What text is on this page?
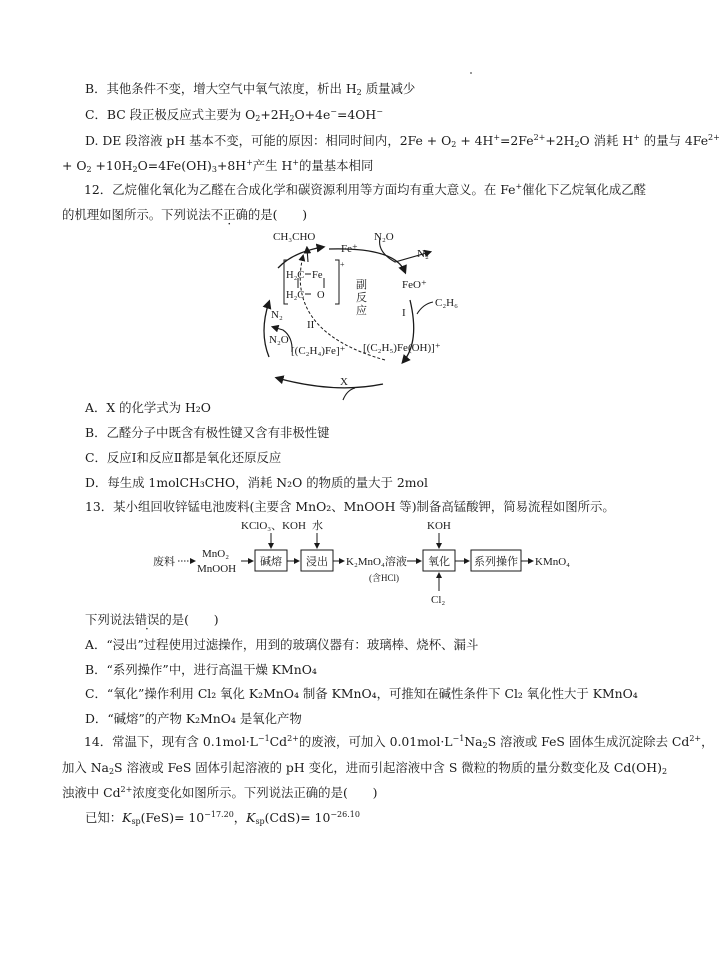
B．其他条件不变，增大空气中氧气浓度，析出 $H_2$ 质量减少
C．BC 段正极反应式主要为 $O_2+2H_2O+4e^-=4OH^-$
D. DE 段溶液 pH 基本不变，可能的原因：相同时间内，$2Fe + O_2 + 4H^+=2Fe^{2+}+2H_2O$ 消耗 H+ 的量与 $4Fe^{2+}$
+ $O_2 +10H_2O=4Fe(OH)_3+8H^+$产生 H+的量基本相同
12．乙烷催化氧化为乙醛在合成化学和碳资源利用等方面均有重大意义。在 Fe+催化下乙烷氧化成乙醛
的机理如图所示。下列说法不正确的是(　　)
CH₃CHO
Fe⁺
N₂O
N₂
FeO⁺
I
C₂H₆
[(C₂H₅)Fe(OH)]⁺
[(C₂H₄)Fe]⁺
X
II
N₂O
N₂
副
反
应
H₂C Fe
H₂C O
+
A．X 的化学式为 H₂O
B．乙醛分子中既含有极性键又含有非极性键
C．反应Ⅰ和反应Ⅱ都是氧化还原反应
D．每生成 1molCH₃CHO，消耗 N₂O 的物质的量大于 2mol
13．某小组回收锌锰电池废料(主要含 MnO₂、MnOOH 等)制备高锰酸钾，简易流程如图所示。
废料
MnO₂
MnOOH
碱熔
KClO₃、KOH
浸出
水
K₂MnO₄溶液
(含HCl)
氧化
KOH
Cl₂
系列操作 KMnO₄
下列说法错误的是(　　)
A．“浸出”过程使用过滤操作，用到的玻璃仪器有：玻璃棒、烧杯、漏斗
B．“系列操作”中，进行高温干燥 KMnO₄
C．“氧化”操作利用 Cl₂ 氧化 K₂MnO₄ 制备 KMnO₄，可推知在碱性条件下 Cl₂ 氧化性大于 KMnO₄
D．“碱熔”的产物 K₂MnO₄ 是氧化产物
14．常温下，现有含 $0.1mol\cdot L^{-1}Cd^{2+}$的废液，可加入 $0.01mol\cdot L^{-1}Na_2S$ 溶液或 FeS 固体生成沉淀除去 $Cd^{2+}$，
加入 $Na_2S$ 溶液或 FeS 固体引起溶液的 pH 变化，进而引起溶液中含 S 微粒的物质的量分数变化及 $Cd(OH)_2$
浊液中 $Cd^{2+}$浓度变化如图所示。下列说法正确的是(　　)
已知：$K_{sp}(FeS)= 10^{-17.20}$，$K_{sp}(CdS)= 10^{-26.10}$
